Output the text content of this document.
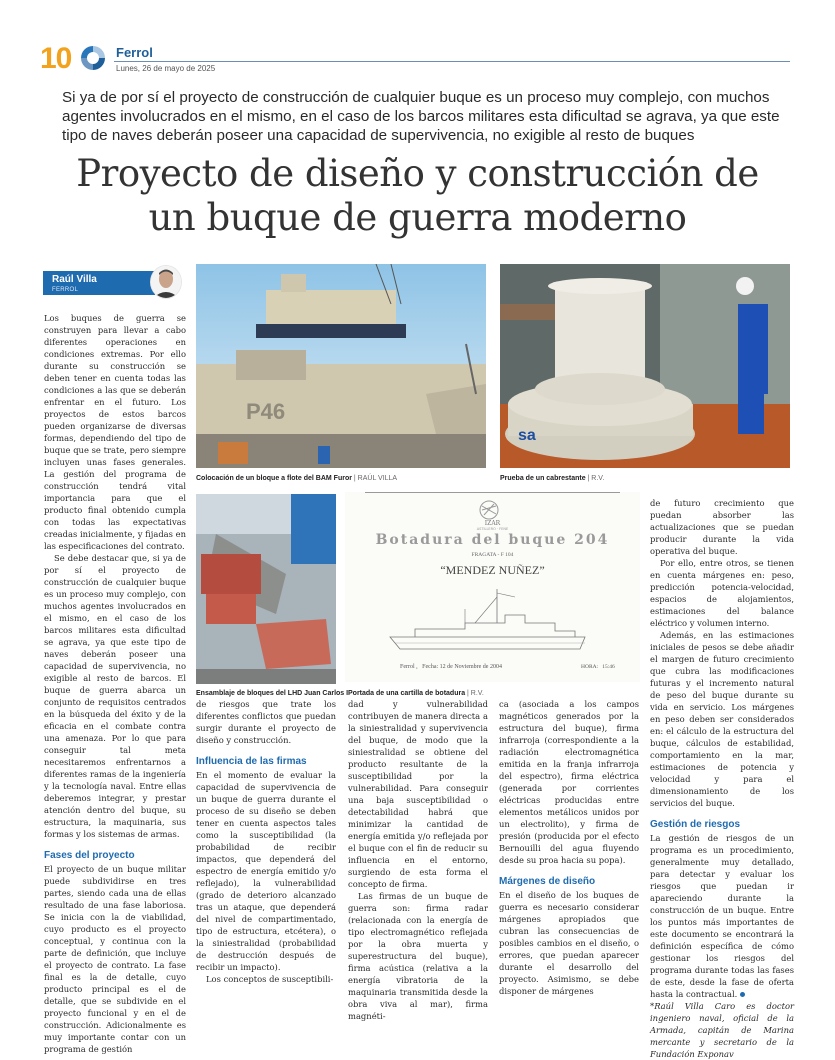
10	Ferrol
Lunes, 26 de mayo de 2025
Si ya de por sí el proyecto de construcción de cualquier buque es un proceso muy complejo, con muchos agentes involucrados en el mismo, en el caso de los barcos militares esta dificultad se agrava, ya que este tipo de naves deberán poseer una capacidad de supervivencia, no exigible al resto de buques
Proyecto de diseño y construcción de
un buque de guerra moderno
Raúl Villa
FERROL
P46
Colocación de un bloque a flote del BAM Furor | RAÚL VILLA
sa
Prueba de un cabrestante | R.V.
Ensamblaje de bloques del LHD Juan Carlos I
IZAR
ASTILLERO · FENE
Botadura del buque 204
FRAGATA - F 104
“MENDEZ NUÑEZ”
Ferrol ,   Fecha: 12 de Noviembre de 2004	HORA:   15:46
Portada de una cartilla de botadura | R.V.

Los buques de guerra se construyen para llevar a cabo diferentes operaciones en condiciones extremas. Por ello durante su construcción se deben tener en cuenta todas las condiciones a las que se deberán enfrentar en el futuro. Los proyectos de estos barcos pueden organizarse de diversas formas, dependiendo del tipo de buque que se trate, pero siempre incluyen unas fases generales. La gestión del programa de construcción tendrá vital importancia para que el producto final obtenido cumpla con todas las expectativas creadas inicialmente, y fijadas en las especificaciones del contrato.

Se debe destacar que, si ya de por sí el proyecto de construcción de cualquier buque es un proceso muy complejo, con muchos agentes involucrados en el mismo, en el caso de los barcos militares esta dificultad se agrava, ya que este tipo de naves deberán poseer una capacidad de supervivencia, no exigible al resto de barcos. El buque de guerra abarca un conjunto de requisitos centrados en la búsqueda del éxito y de la eficacia en el combate contra una amenaza. Por lo que para conseguir tal meta necesitaremos enfrentarnos a diferentes ramas de la ingeniería y la tecnología naval. Entre ellas deberemos integrar, y prestar atención dentro del buque, su estructura, la maquinaria, sus formas y los sistemas de armas.

Fases del proyecto

El proyecto de un buque militar puede subdividirse en tres partes, siendo cada una de ellas resultado de una fase laboriosa. Se inicia con la de viabilidad, cuyo producto es el proyecto conceptual, y continua con la parte de definición, que incluye el proyecto de contrato. La fase final es la de detalle, cuyo producto principal es el de detalle, que se subdivide en el proyecto funcional y en el de construcción. Adicionalmente es muy importante contar con un programa de gestión

de riesgos que trate los diferentes conflictos que puedan surgir durante el proyecto de diseño y construcción.

Influencia de las firmas

En el momento de evaluar la capacidad de supervivencia de un buque de guerra durante el proceso de su diseño se deben tener en cuenta aspectos tales como la susceptibilidad (la probabilidad de recibir impactos, que dependerá del espectro de energía emitido y/o reflejado), la vulnerabilidad (grado de deterioro alcanzado tras un ataque, que dependerá del nivel de compartimentado, tipo de estructura, etcétera), o la siniestralidad (probabilidad de destrucción después de recibir un impacto).

Los conceptos de susceptibili-

dad y vulnerabilidad contribuyen de manera directa a la siniestralidad y supervivencia del buque, de modo que la siniestralidad se obtiene del producto resultante de la susceptibilidad por la vulnerabilidad. Para conseguir una baja susceptibilidad o detectabilidad habrá que minimizar la cantidad de energía emitida y/o reflejada por el buque con el fin de reducir su influencia en el entorno, surgiendo de esta forma el concepto de firma.

Las firmas de un buque de guerra son: firma radar (relacionada con la energía de tipo electromagnético reflejada por la obra muerta y superestructura del buque), firma acústica (relativa a la energía vibratoria de la maquinaria transmitida desde la obra viva al mar), firma magnéti-

ca (asociada a los campos magnéticos generados por la estructura del buque), firma infrarroja (correspondiente a la radiación electromagnética emitida en la franja infrarroja del espectro), firma eléctrica (generada por corrientes eléctricas producidas entre elementos metálicos unidos por un electrolito), y firma de presión (producida por el efecto Bernouilli del agua fluyendo desde su proa hacia su popa).

Márgenes de diseño

En el diseño de los buques de guerra es necesario considerar márgenes apropiados que cubran las consecuencias de posibles cambios en el diseño, o errores, que puedan aparecer durante el desarrollo del proyecto. Asimismo, se debe disponer de márgenes

de futuro crecimiento que puedan absorber las actualizaciones que se puedan producir durante la vida operativa del buque.

Por ello, entre otros, se tienen en cuenta márgenes en: peso, predicción potencia-velocidad, espacios de alojamientos, estimaciones del balance eléctrico y volumen interno.

Además, en las estimaciones iniciales de pesos se debe añadir el margen de futuro crecimiento que cubra las modificaciones futuras y el incremento natural de peso del buque durante su vida en servicio. Los márgenes en peso deben ser considerados en: el cálculo de la estructura del buque, cálculos de estabilidad, comportamiento en la mar, estimaciones de potencia y velocidad y para el dimensionamiento de los servicios del buque.

Gestión de riesgos

La gestión de riesgos de un programa es un procedimiento, generalmente muy detallado, para detectar y evaluar los riesgos que puedan ir apareciendo durante la construcción de un buque. Entre los puntos más importantes de este documento se encontrará la definición específica de cómo gestionar los riesgos del programa durante todas las fases de este, desde la fase de oferta hasta la contractual.

*Raúl Villa Caro es doctor ingeniero naval, oficial de la Armada, capitán de Marina mercante y secretario de la Fundación Exponav
